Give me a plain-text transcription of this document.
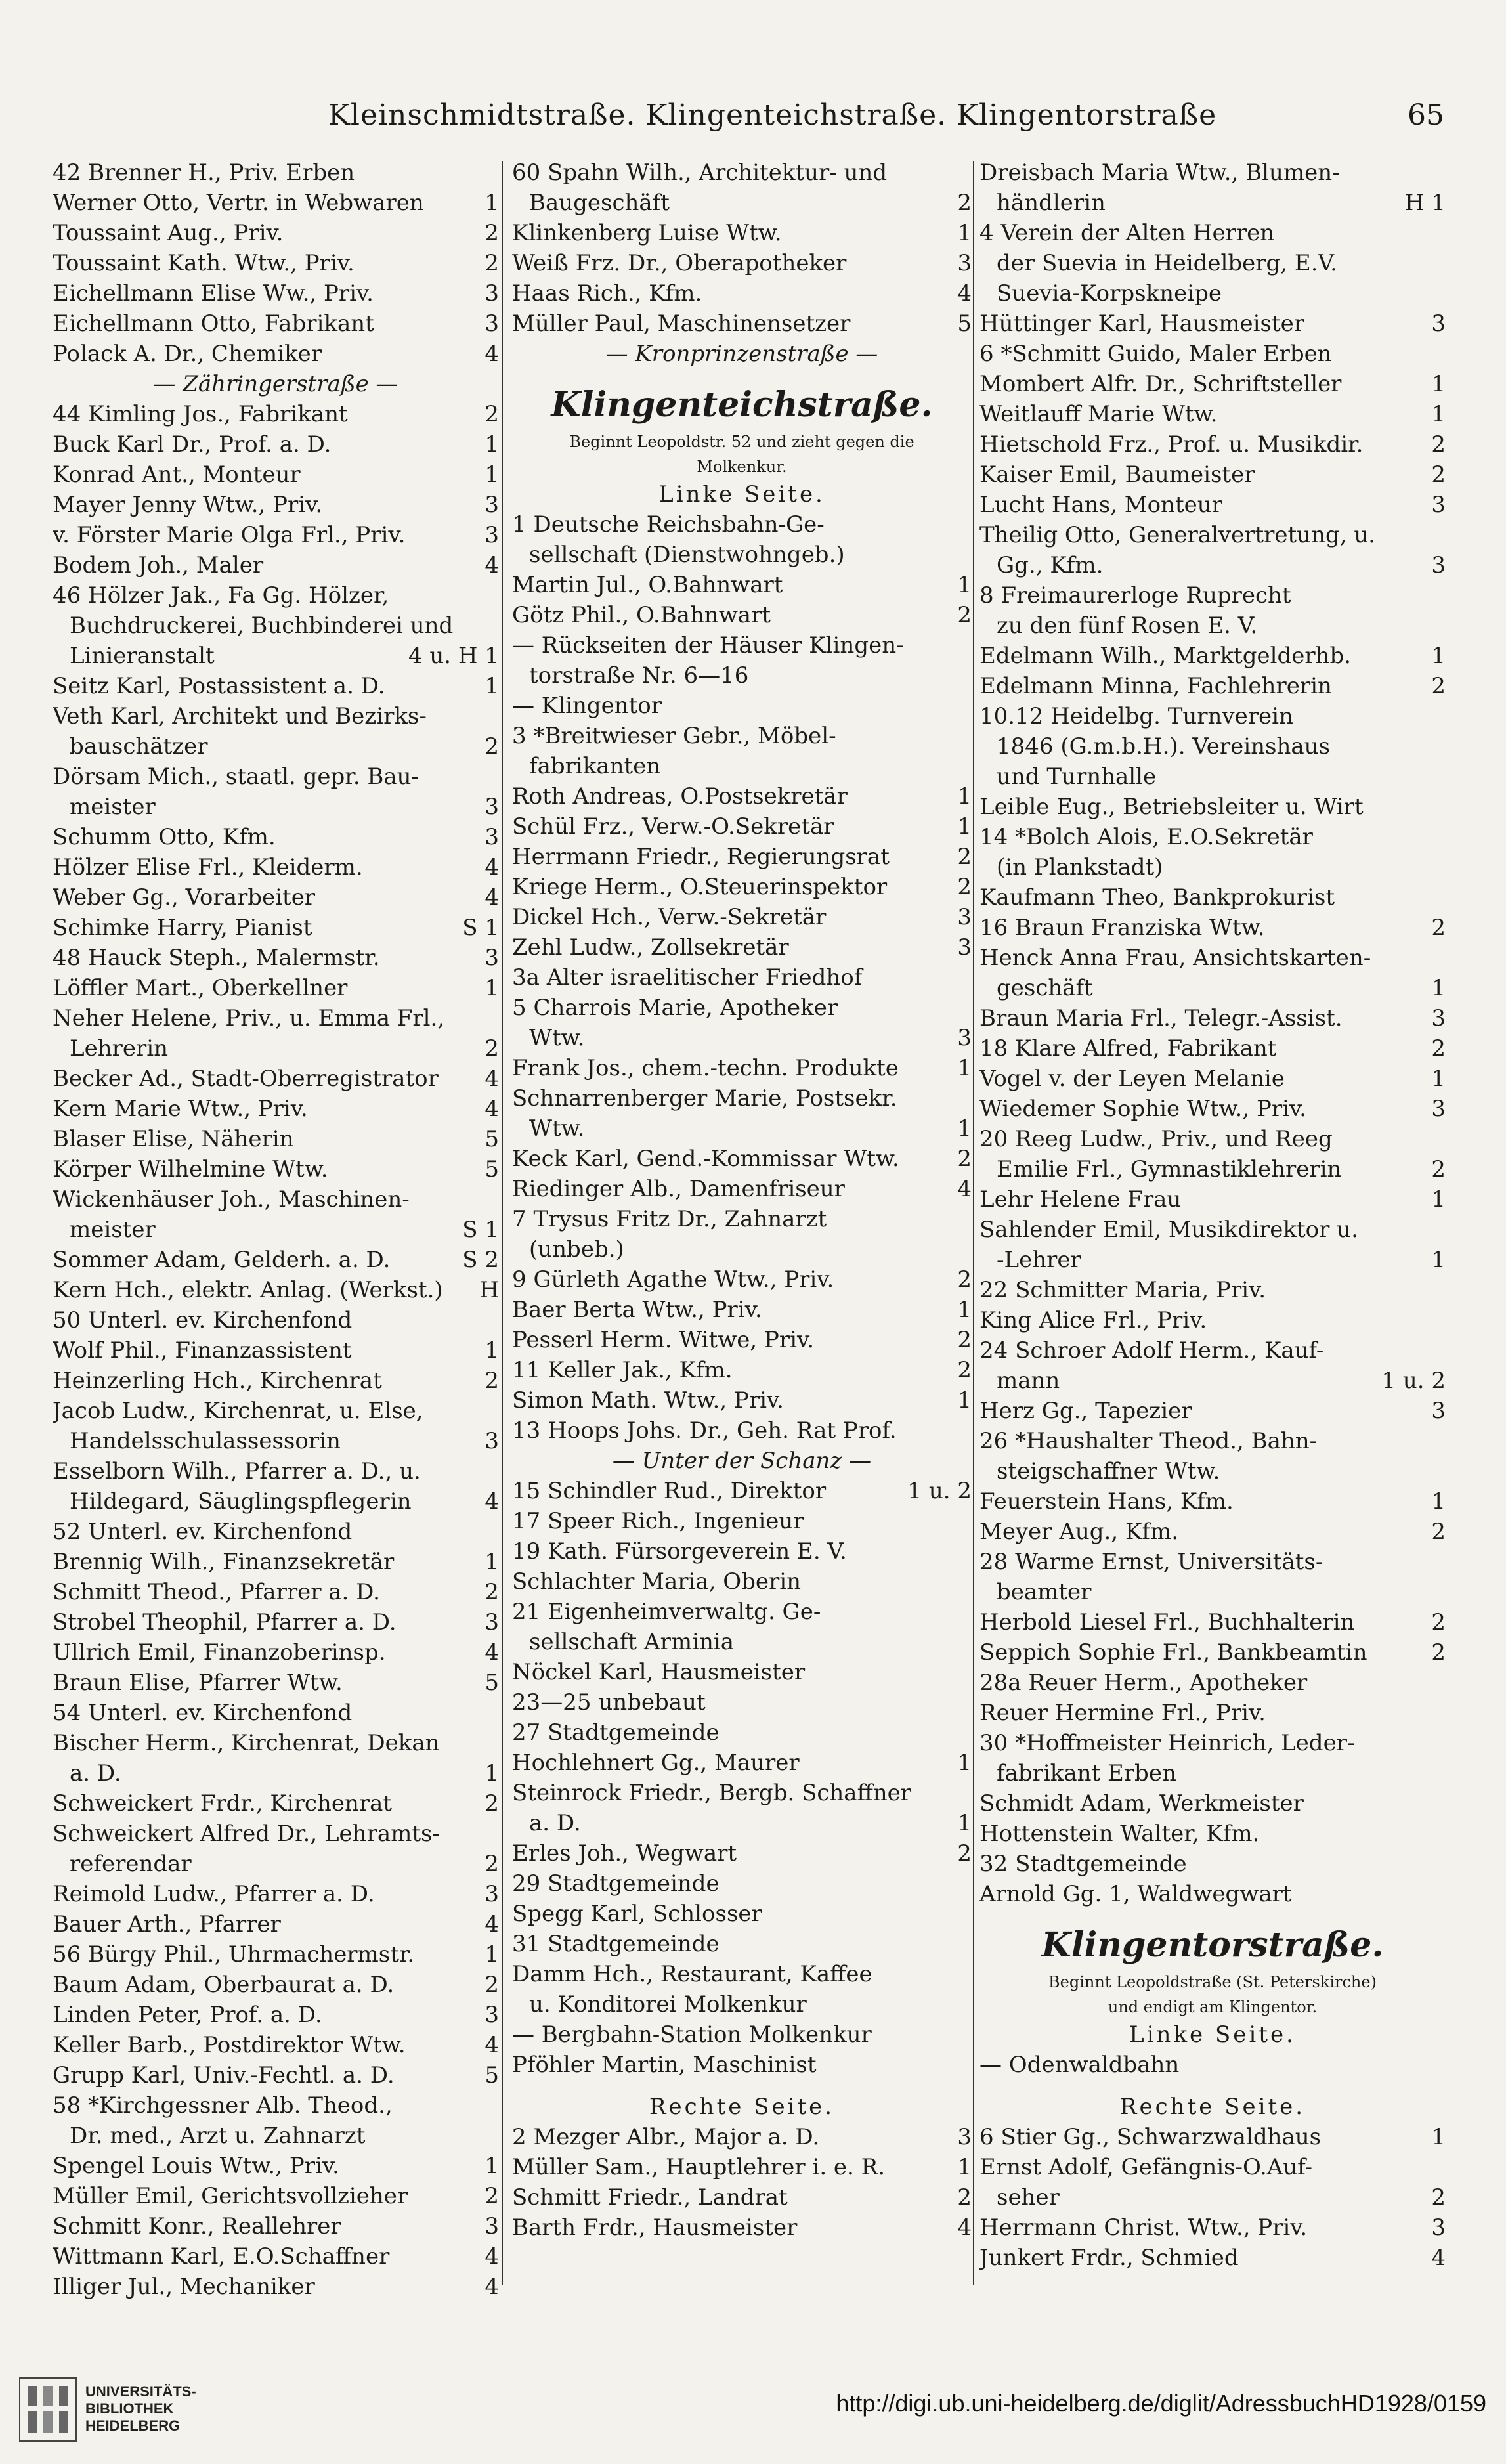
Kleinschmidtstraße. Klingenteichstraße. Klingentorstraße	65
42 Brenner H., Priv. Erben
Werner Otto, Vertr. in Webwaren	1
Toussaint Aug., Priv.	2
Toussaint Kath. Wtw., Priv.	2
Eichellmann Elise Ww., Priv.	3
Eichellmann Otto, Fabrikant	3
Polack A. Dr., Chemiker	4
— Zähringerstraße —
44 Kimling Jos., Fabrikant	2
Buck Karl Dr., Prof. a. D.	1
Konrad Ant., Monteur	1
Mayer Jenny Wtw., Priv.	3
v. Förster Marie Olga Frl., Priv.	3
Bodem Joh., Maler	4
46 Hölzer Jak., Fa Gg. Hölzer,
Buchdruckerei, Buchbinderei und
Linieranstalt	4 u. H 1
Seitz Karl, Postassistent a. D.	1
Veth Karl, Architekt und Bezirks-
bauschätzer	2
Dörsam Mich., staatl. gepr. Bau-
meister	3
Schumm Otto, Kfm.	3
Hölzer Elise Frl., Kleiderm.	4
Weber Gg., Vorarbeiter	4
Schimke Harry, Pianist	S 1
48 Hauck Steph., Malermstr.	3
Löffler Mart., Oberkellner	1
Neher Helene, Priv., u. Emma Frl.,
Lehrerin	2
Becker Ad., Stadt-Oberregistrator 4
Kern Marie Wtw., Priv.	4
Blaser Elise, Näherin	5
Körper Wilhelmine Wtw.	5
Wickenhäuser Joh., Maschinen-
meister	S 1
Sommer Adam, Gelderh. a. D.	S 2
Kern Hch., elektr. Anlag. (Werkst.) H
50 Unterl. ev. Kirchenfond
Wolf Phil., Finanzassistent	1
Heinzerling Hch., Kirchenrat	2
Jacob Ludw., Kirchenrat, u. Else,
Handelsschulassessorin	3
Esselborn Wilh., Pfarrer a. D., u.
Hildegard, Säuglingspflegerin	4
52 Unterl. ev. Kirchenfond
Brennig Wilh., Finanzsekretär	1
Schmitt Theod., Pfarrer a. D.	2
Strobel Theophil, Pfarrer a. D.	3
Ullrich Emil, Finanzoberinsp.	4
Braun Elise, Pfarrer Wtw.	5
54 Unterl. ev. Kirchenfond
Bischer Herm., Kirchenrat, Dekan
a. D.	1
Schweickert Frdr., Kirchenrat	2
Schweickert Alfred Dr., Lehramts-
referendar	2
Reimold Ludw., Pfarrer a. D.	3
Bauer Arth., Pfarrer	4
56 Bürgy Phil., Uhrmachermstr.	1
Baum Adam, Oberbaurat a. D.	2
Linden Peter, Prof. a. D.	3
Keller Barb., Postdirektor Wtw.	4
Grupp Karl, Univ.-Fechtl. a. D.	5
58 *Kirchgessner Alb. Theod.,
Dr. med., Arzt u. Zahnarzt
Spengel Louis Wtw., Priv.	1
Müller Emil, Gerichtsvollzieher	2
Schmitt Konr., Reallehrer	3
Wittmann Karl, E.O.Schaffner	4
Illiger Jul., Mechaniker	4
60 Spahn Wilh., Architektur- und
Baugeschäft	2
Klinkenberg Luise Wtw.	1
Weiß Frz. Dr., Oberapotheker	3
Haas Rich., Kfm.	4
Müller Paul, Maschinensetzer	5
— Kronprinzenstraße —
Klingenteichstraße.
Beginnt Leopoldstr. 52 und zieht gegen die
Molkenkur.
Linke Seite.
1 Deutsche Reichsbahn-Ge-
sellschaft (Dienstwohngeb.)
Martin Jul., O.Bahnwart	1
Götz Phil., O.Bahnwart	2
— Rückseiten der Häuser Klingen-
torstraße Nr. 6—16
— Klingentor
3 *Breitwieser Gebr., Möbel-
fabrikanten
Roth Andreas, O.Postsekretär	1
Schül Frz., Verw.-O.Sekretär	1
Herrmann Friedr., Regierungsrat	2
Kriege Herm., O.Steuerinspektor	2
Dickel Hch., Verw.-Sekretär	3
Zehl Ludw., Zollsekretär	3
3a Alter israelitischer Friedhof
5 Charrois Marie, Apotheker
Wtw.	3
Frank Jos., chem.-techn. Produkte	1
Schnarrenberger Marie, Postsekr.
Wtw.	1
Keck Karl, Gend.-Kommissar Wtw.	2
Riedinger Alb., Damenfriseur	4
7 Trysus Fritz Dr., Zahnarzt
(unbeb.)
9 Gürleth Agathe Wtw., Priv.	2
Baer Berta Wtw., Priv.	1
Pesserl Herm. Witwe, Priv.	2
11 Keller Jak., Kfm.	2
Simon Math. Wtw., Priv.	1
13 Hoops Johs. Dr., Geh. Rat Prof.
— Unter der Schanz —
15 Schindler Rud., Direktor	1 u. 2
17 Speer Rich., Ingenieur
19 Kath. Fürsorgeverein E. V.
Schlachter Maria, Oberin
21 Eigenheimverwaltg. Ge-
sellschaft Arminia
Nöckel Karl, Hausmeister
23—25 unbebaut
27 Stadtgemeinde
Hochlehnert Gg., Maurer	1
Steinrock Friedr., Bergb. Schaffner
a. D.	1
Erles Joh., Wegwart	2
29 Stadtgemeinde
Spegg Karl, Schlosser
31 Stadtgemeinde
Damm Hch., Restaurant, Kaffee
u. Konditorei Molkenkur
— Bergbahn-Station Molkenkur
Pföhler Martin, Maschinist
Rechte Seite.
2 Mezger Albr., Major a. D.	3
Müller Sam., Hauptlehrer i. e. R.	1
Schmitt Friedr., Landrat	2
Barth Frdr., Hausmeister	4
Dreisbach Maria Wtw., Blumen-
händlerin	H 1
4 Verein der Alten Herren
der Suevia in Heidelberg, E.V.
Suevia-Korpskneipe
Hüttinger Karl, Hausmeister	3
6 *Schmitt Guido, Maler Erben
Mombert Alfr. Dr., Schriftsteller	1
Weitlauff Marie Wtw.	1
Hietschold Frz., Prof. u. Musikdir.	2
Kaiser Emil, Baumeister	2
Lucht Hans, Monteur	3
Theilig Otto, Generalvertretung, u.
Gg., Kfm.	3
8 Freimaurerloge Ruprecht
zu den fünf Rosen E. V.
Edelmann Wilh., Marktgelderhb.	1
Edelmann Minna, Fachlehrerin	2
10.12 Heidelbg. Turnverein
1846 (G.m.b.H.). Vereinshaus
und Turnhalle
Leible Eug., Betriebsleiter u. Wirt
14 *Bolch Alois, E.O.Sekretär
(in Plankstadt)
Kaufmann Theo, Bankprokurist
16 Braun Franziska Wtw.	2
Henck Anna Frau, Ansichtskarten-
geschäft	1
Braun Maria Frl., Telegr.-Assist.	3
18 Klare Alfred, Fabrikant	2
Vogel v. der Leyen Melanie	1
Wiedemer Sophie Wtw., Priv.	3
20 Reeg Ludw., Priv., und Reeg
Emilie Frl., Gymnastiklehrerin	2
Lehr Helene Frau	1
Sahlender Emil, Musikdirektor u.
-Lehrer	1
22 Schmitter Maria, Priv.
King Alice Frl., Priv.
24 Schroer Adolf Herm., Kauf-
mann	1 u. 2
Herz Gg., Tapezier	3
26 *Haushalter Theod., Bahn-
steigschaffner Wtw.
Feuerstein Hans, Kfm.	1
Meyer Aug., Kfm.	2
28 Warme Ernst, Universitäts-
beamter
Herbold Liesel Frl., Buchhalterin	2
Seppich Sophie Frl., Bankbeamtin	2
28a Reuer Herm., Apotheker
Reuer Hermine Frl., Priv.
30 *Hoffmeister Heinrich, Leder-
fabrikant Erben
Schmidt Adam, Werkmeister
Hottenstein Walter, Kfm.
32 Stadtgemeinde
Arnold Gg. 1, Waldwegwart
Klingentorstraße.
Beginnt Leopoldstraße (St. Peterskirche)
und endigt am Klingentor.
Linke Seite.
— Odenwaldbahn
Rechte Seite.
6 Stier Gg., Schwarzwaldhaus	1
Ernst Adolf, Gefängnis-O.Auf-
seher	2
Herrmann Christ. Wtw., Priv.	3
Junkert Frdr., Schmied	4
UNIVERSITÄTS-
BIBLIOTHEK
HEIDELBERG
http://digi.ub.uni-heidelberg.de/diglit/AdressbuchHD1928/0159
